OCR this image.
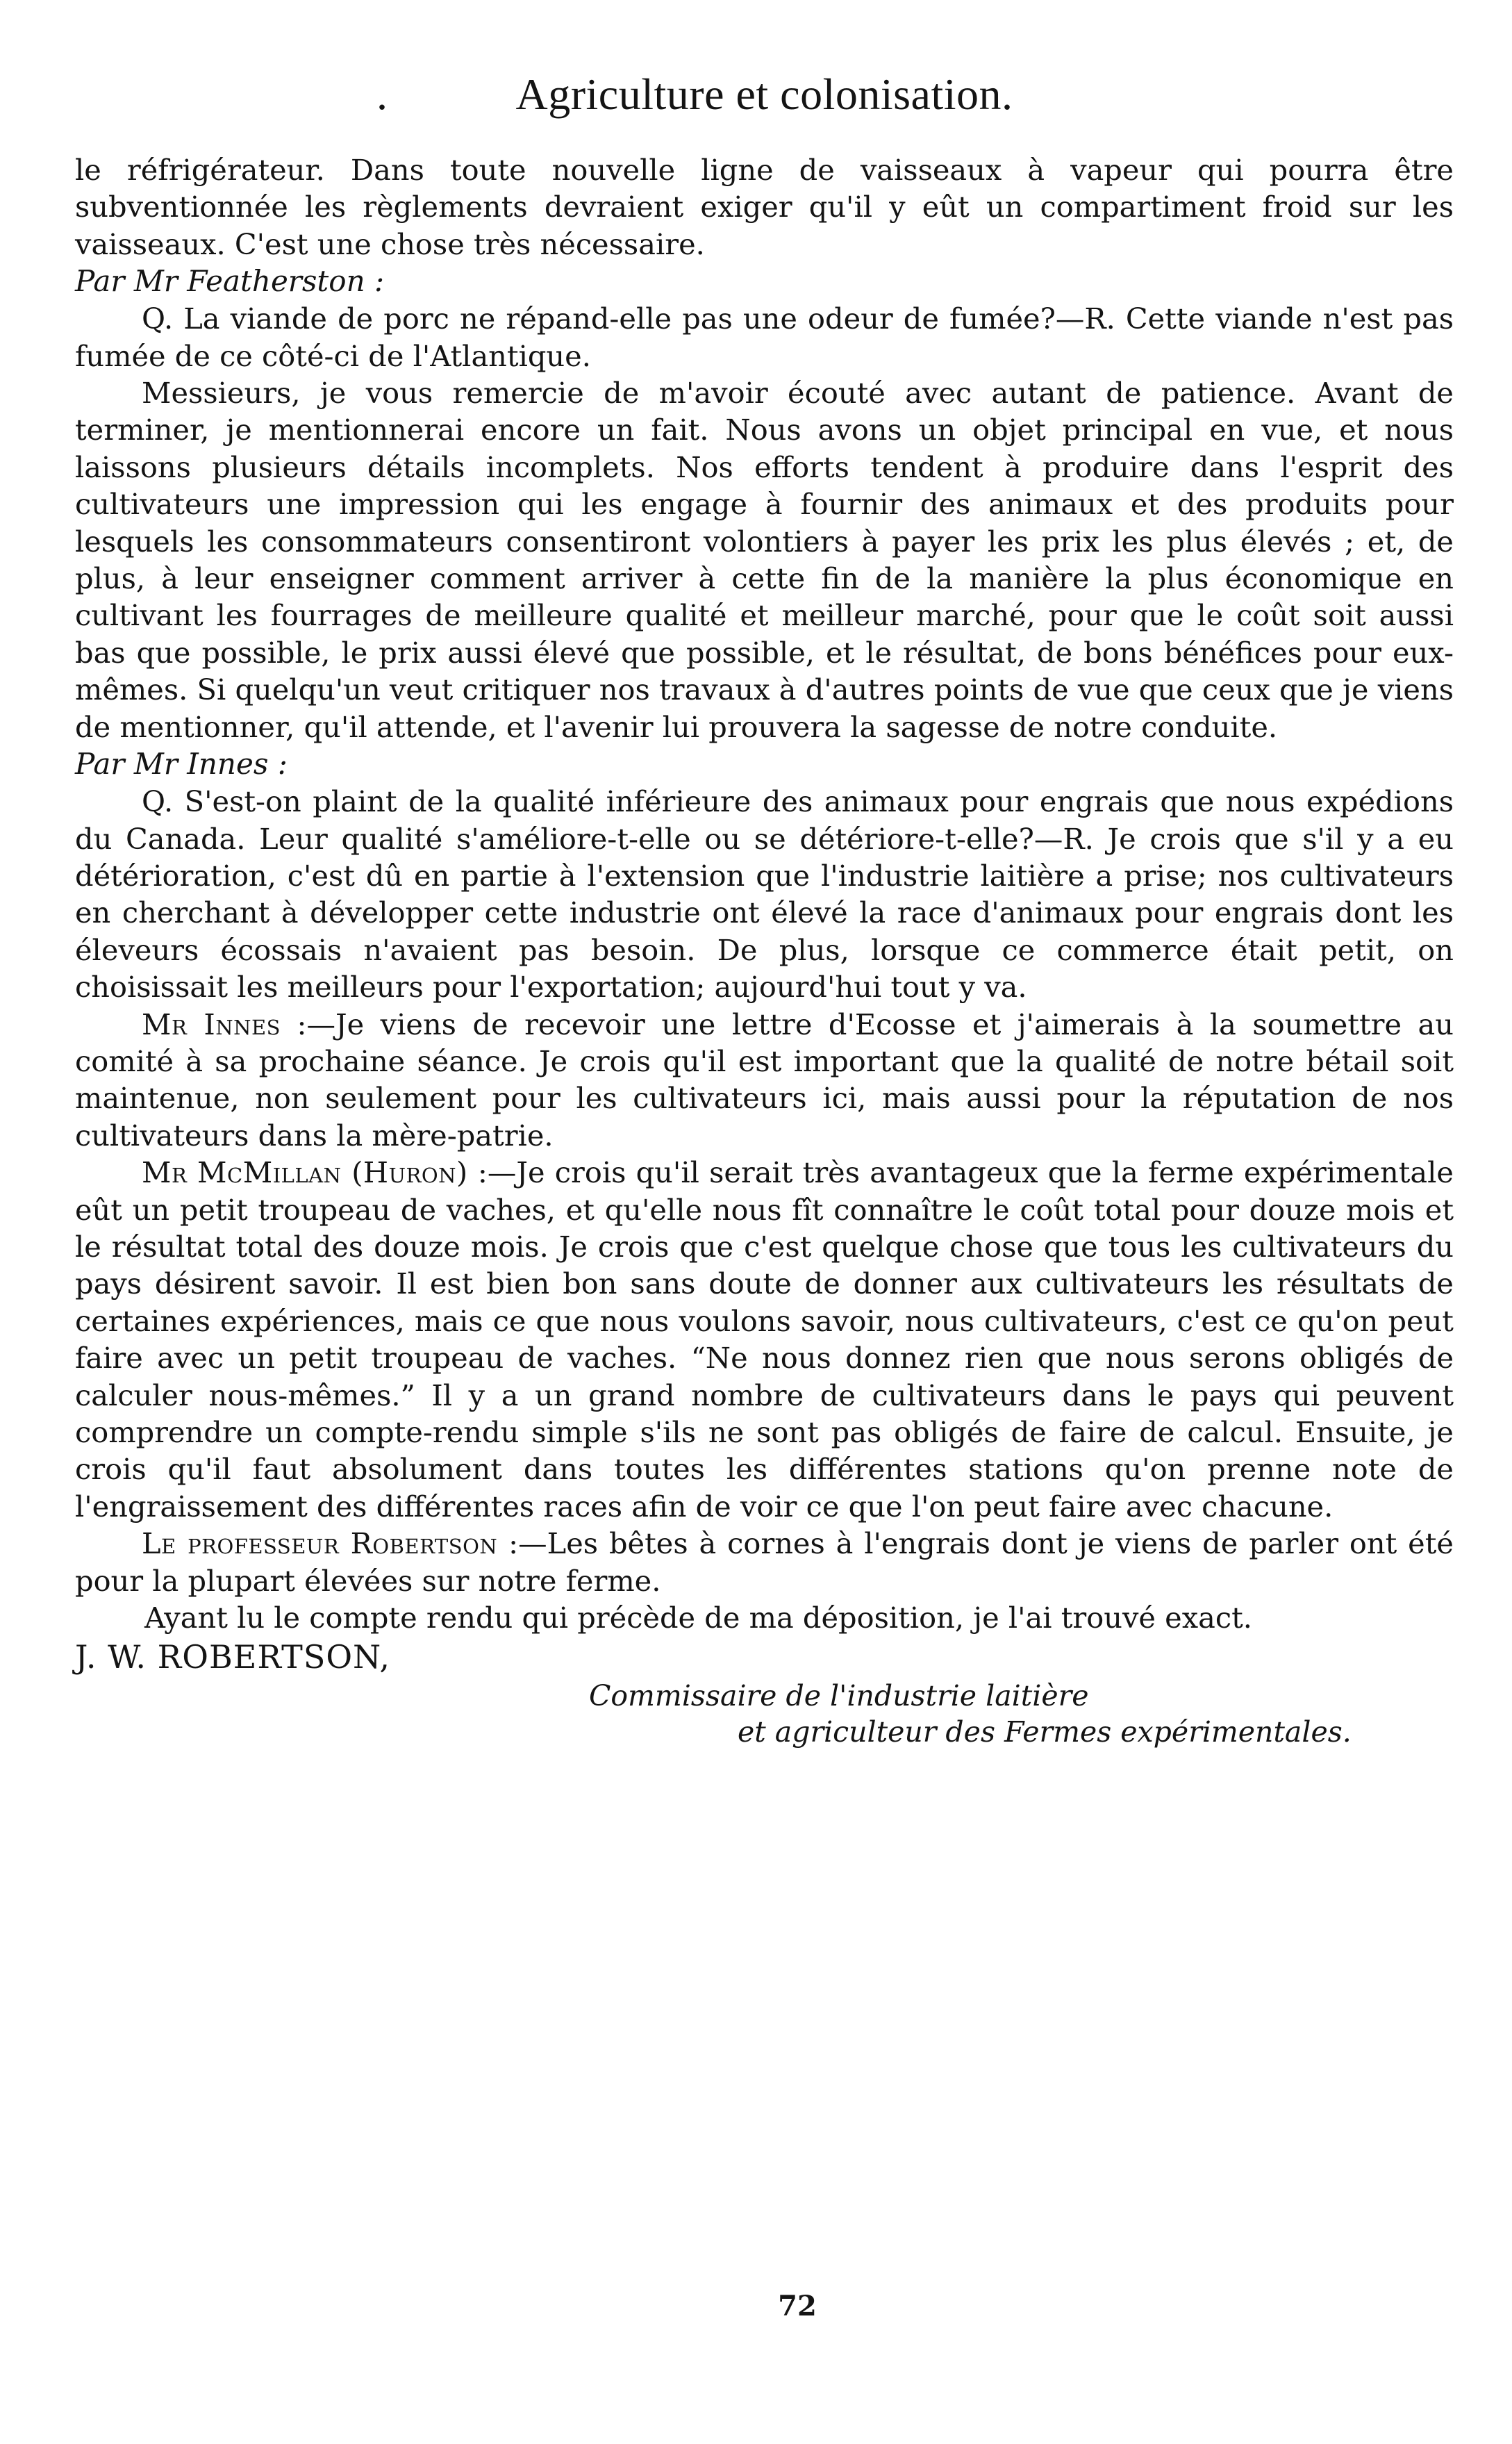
.	Agriculture et colonisation.

le réfrigérateur. Dans toute nouvelle ligne de vaisseaux à vapeur qui pourra être subventionnée les règlements devraient exiger qu'il y eût un compartiment froid sur les vaisseaux. C'est une chose très nécessaire.

Par Mr Featherston :

Q. La viande de porc ne répand-elle pas une odeur de fumée?—R. Cette viande n'est pas fumée de ce côté-ci de l'Atlantique.

Messieurs, je vous remercie de m'avoir écouté avec autant de patience. Avant de terminer, je mentionnerai encore un fait. Nous avons un objet principal en vue, et nous laissons plusieurs détails incomplets. Nos efforts tendent à produire dans l'esprit des cultivateurs une impression qui les engage à fournir des animaux et des produits pour lesquels les consommateurs consentiront volontiers à payer les prix les plus élevés ; et, de plus, à leur enseigner comment arriver à cette fin de la manière la plus économique en cultivant les fourrages de meilleure qualité et meilleur marché, pour que le coût soit aussi bas que possible, le prix aussi élevé que possible, et le résultat, de bons bénéfices pour eux-mêmes. Si quelqu'un veut critiquer nos travaux à d'autres points de vue que ceux que je viens de mentionner, qu'il attende, et l'avenir lui prouvera la sagesse de notre conduite.

Par Mr Innes :

Q. S'est-on plaint de la qualité inférieure des animaux pour engrais que nous expédions du Canada. Leur qualité s'améliore-t-elle ou se détériore-t-elle?—R. Je crois que s'il y a eu détérioration, c'est dû en partie à l'extension que l'industrie laitière a prise; nos cultivateurs en cherchant à développer cette industrie ont élevé la race d'animaux pour engrais dont les éleveurs écossais n'avaient pas besoin. De plus, lorsque ce commerce était petit, on choisissait les meilleurs pour l'exportation; aujourd'hui tout y va.

Mr Innes :—Je viens de recevoir une lettre d'Ecosse et j'aimerais à la soumettre au comité à sa prochaine séance. Je crois qu'il est important que la qualité de notre bétail soit maintenue, non seulement pour les cultivateurs ici, mais aussi pour la réputation de nos cultivateurs dans la mère-patrie.

Mr McMillan (Huron) :—Je crois qu'il serait très avantageux que la ferme expérimentale eût un petit troupeau de vaches, et qu'elle nous fît connaître le coût total pour douze mois et le résultat total des douze mois. Je crois que c'est quelque chose que tous les cultivateurs du pays désirent savoir. Il est bien bon sans doute de donner aux cultivateurs les résultats de certaines expériences, mais ce que nous voulons savoir, nous cultivateurs, c'est ce qu'on peut faire avec un petit troupeau de vaches. “Ne nous donnez rien que nous serons obligés de calculer nous-mêmes.” Il y a un grand nombre de cultivateurs dans le pays qui peuvent comprendre un compte-rendu simple s'ils ne sont pas obligés de faire de calcul. Ensuite, je crois qu'il faut absolument dans toutes les différentes stations qu'on prenne note de l'engraissement des différentes races afin de voir ce que l'on peut faire avec chacune.

Le professeur Robertson :—Les bêtes à cornes à l'engrais dont je viens de parler ont été pour la plupart élevées sur notre ferme.

Ayant lu le compte rendu qui précède de ma déposition, je l'ai trouvé exact.

J. W. ROBERTSON,

Commissaire de l'industrie laitière

et agriculteur des Fermes expérimentales.

72
